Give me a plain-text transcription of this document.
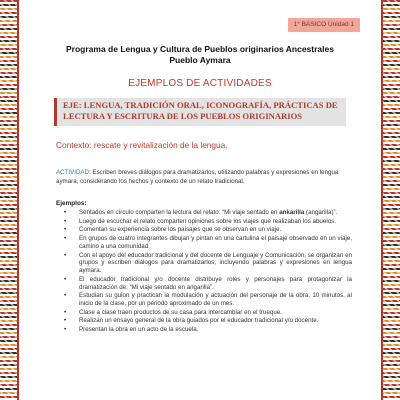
1° BÁSICO Unidad 1
Programa de Lengua y Cultura de Pueblos originarios Ancestrales
Pueblo Aymara
EJEMPLOS DE ACTIVIDADES
EJE: LENGUA, TRADICIÓN ORAL, ICONOGRAFÍA, PRÁCTICAS DE LECTURA Y ESCRITURA DE LOS PUEBLOS ORIGINARIOS
Contexto: rescate y revitalización de la lengua.
ACTIVIDAD: Escriben breves diálogos para dramatizarlos, utilizando palabras y expresiones en lengua aymara, considerando los hechos y contexto de un relato tradicional.
Ejemplos:
• Sentados en círculo comparten la lectura del relato: “Mi viaje sentado en ankarilla (angarilla)”.
• Luego de escuchar el relato comparten opiniones sobre los viajes que realizaban los abuelos.
• Comentan su experiencia sobre los paisajes que se observan en un viaje.
• En grupos de cuatro integrantes dibujan y pintan en una cartulina el paisaje observado en un viaje, camino a una comunidad.
• Con el apoyo del educador tradicional y del docente de Lenguaje y Comunicación, se organizan en grupos y escriben diálogos para dramatizarlos, incluyendo palabras y expresiones en lengua aymara.
• El educador tradicional y/o docente distribuye roles y personajes para protagonizar la dramatización de: “Mi viaje sentado en angarilla”.
• Estudian su guion y practican la modulación y actuación del personaje de la obra, 10 minutos, al inicio de la clase, por un periodo aproximado de un mes.
• Clase a clase traen productos de su casa para intercambiar en el trueque.
• Realizan un ensayo general de la obra guiados por el educador tradicional y/o docente.
• Presentan la obra en un acto de la escuela.
